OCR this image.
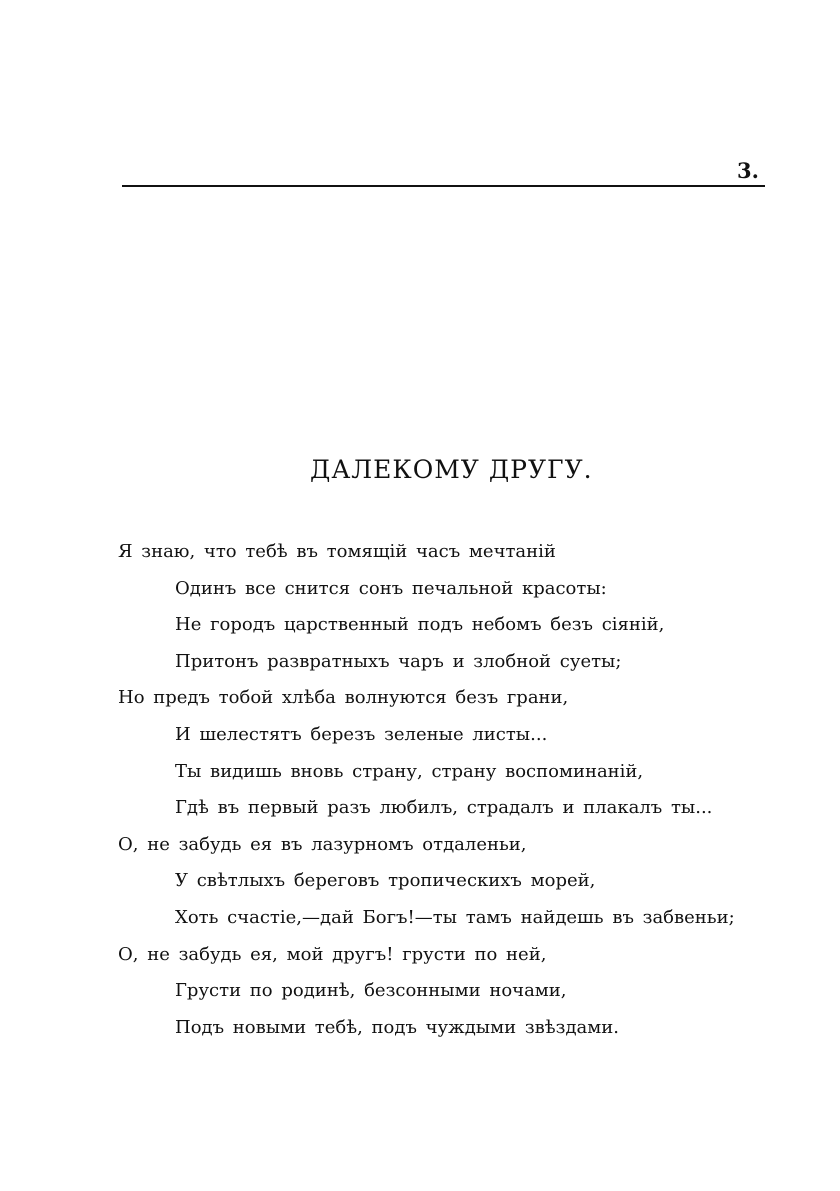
3.
ДАЛЕКОМУ ДРУГУ.
Я знаю, что тебѣ въ томящій часъ мечтаній
Одинъ все снится сонъ печальной красоты:
Не городъ царственный подъ небомъ безъ сіяній,
Притонъ развратныхъ чаръ и злобной суеты;
Но предъ тобой хлѣба волнуются безъ грани,
И шелестятъ березъ зеленые листы...
Ты видишь вновь страну, страну воспоминаній,
Гдѣ въ первый разъ любилъ, страдалъ и плакалъ ты...
О, не забудь ея въ лазурномъ отдаленьи,
У свѣтлыхъ береговъ тропическихъ морей,
Хоть счастіе,—дай Богъ!—ты тамъ найдешь въ забвеньи;
О, не забудь ея, мой другъ! грусти по ней,
Грусти по родинѣ, безсонными ночами,
Подъ новыми тебѣ, подъ чуждыми звѣздами.
